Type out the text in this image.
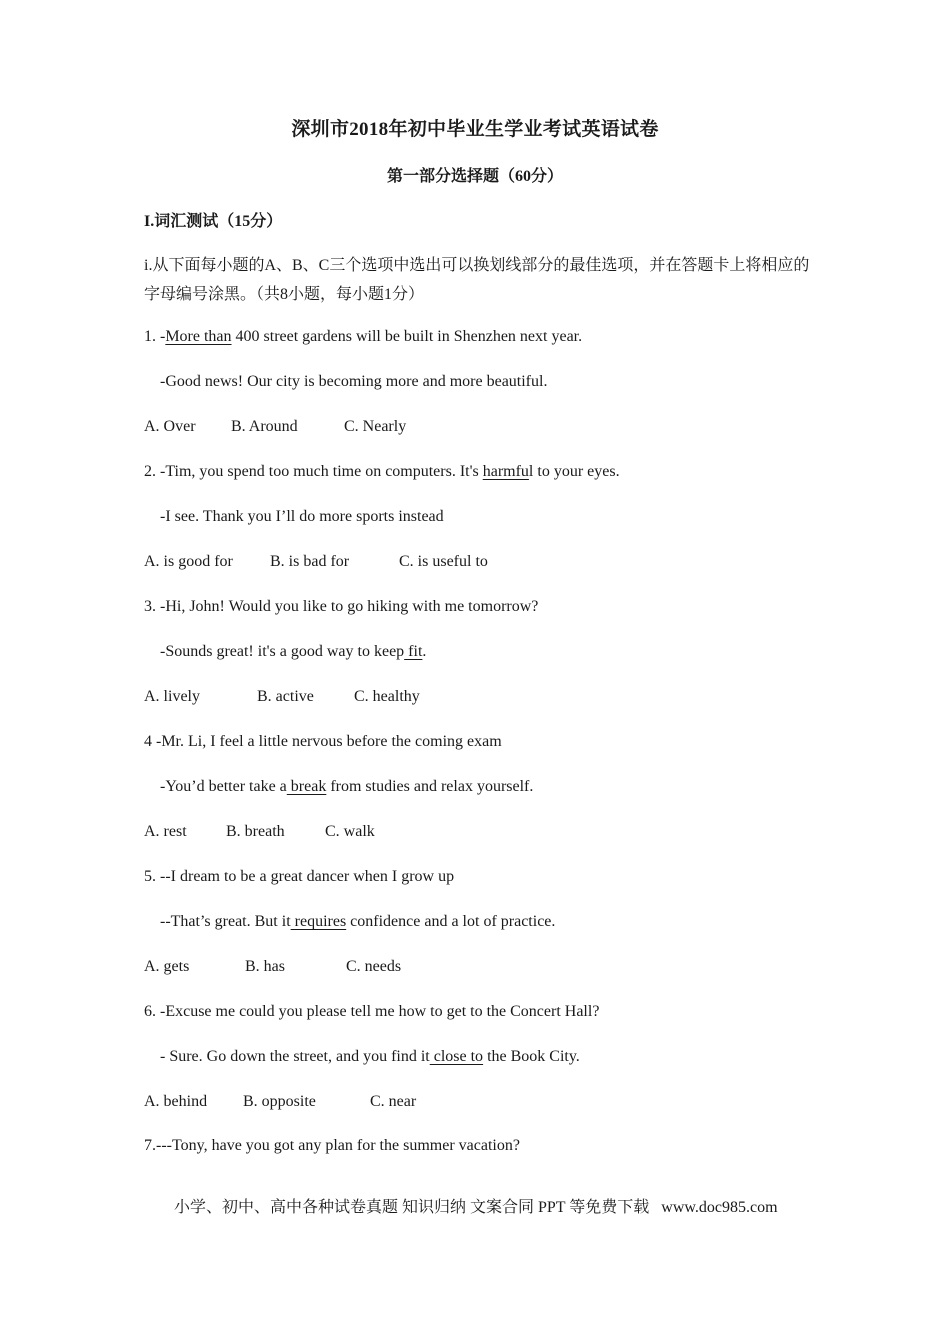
深圳市2018年初中毕业生学业考试英语试卷
第一部分选择题（60分）
I.词汇测试（15分）
i.从下面每小题的A、B、C三个选项中选出可以换划线部分的最佳选项，并在答题卡上将相应的字母编号涂黑。（共8小题，每小题1分）
1. -More than 400 street gardens will be built in Shenzhen next year.
-Good news! Our city is becoming more and more beautiful.
A. Over B. Around	C. Nearly
2. -Tim, you spend too much time on computers. It's harmful to your eyes.
-I see. Thank you I’ll do more sports instead
A. is good for B. is bad for	C. is useful to
3. -Hi, John! Would you like to go hiking with me tomorrow?
-Sounds great! it's a good way to keep fit.
A. lively	B. active	C. healthy
4 -Mr. Li, I feel a little nervous before the coming exam
-You’d better take a break from studies and relax yourself.
A. rest B. breath	C. walk
5. --I dream to be a great dancer when I grow up
--That’s great. But it requires confidence and a lot of practice.
A. gets	B. has	C. needs
6. -Excuse me could you please tell me how to get to the Concert Hall?
- Sure. Go down the street, and you find it close to the Book City.
A. behind B. opposite	C. near
7.---Tony, have you got any plan for the summer vacation?
小学、初中、高中各种试卷真题 知识归纳 文案合同 PPT 等免费下载   www.doc985.com
